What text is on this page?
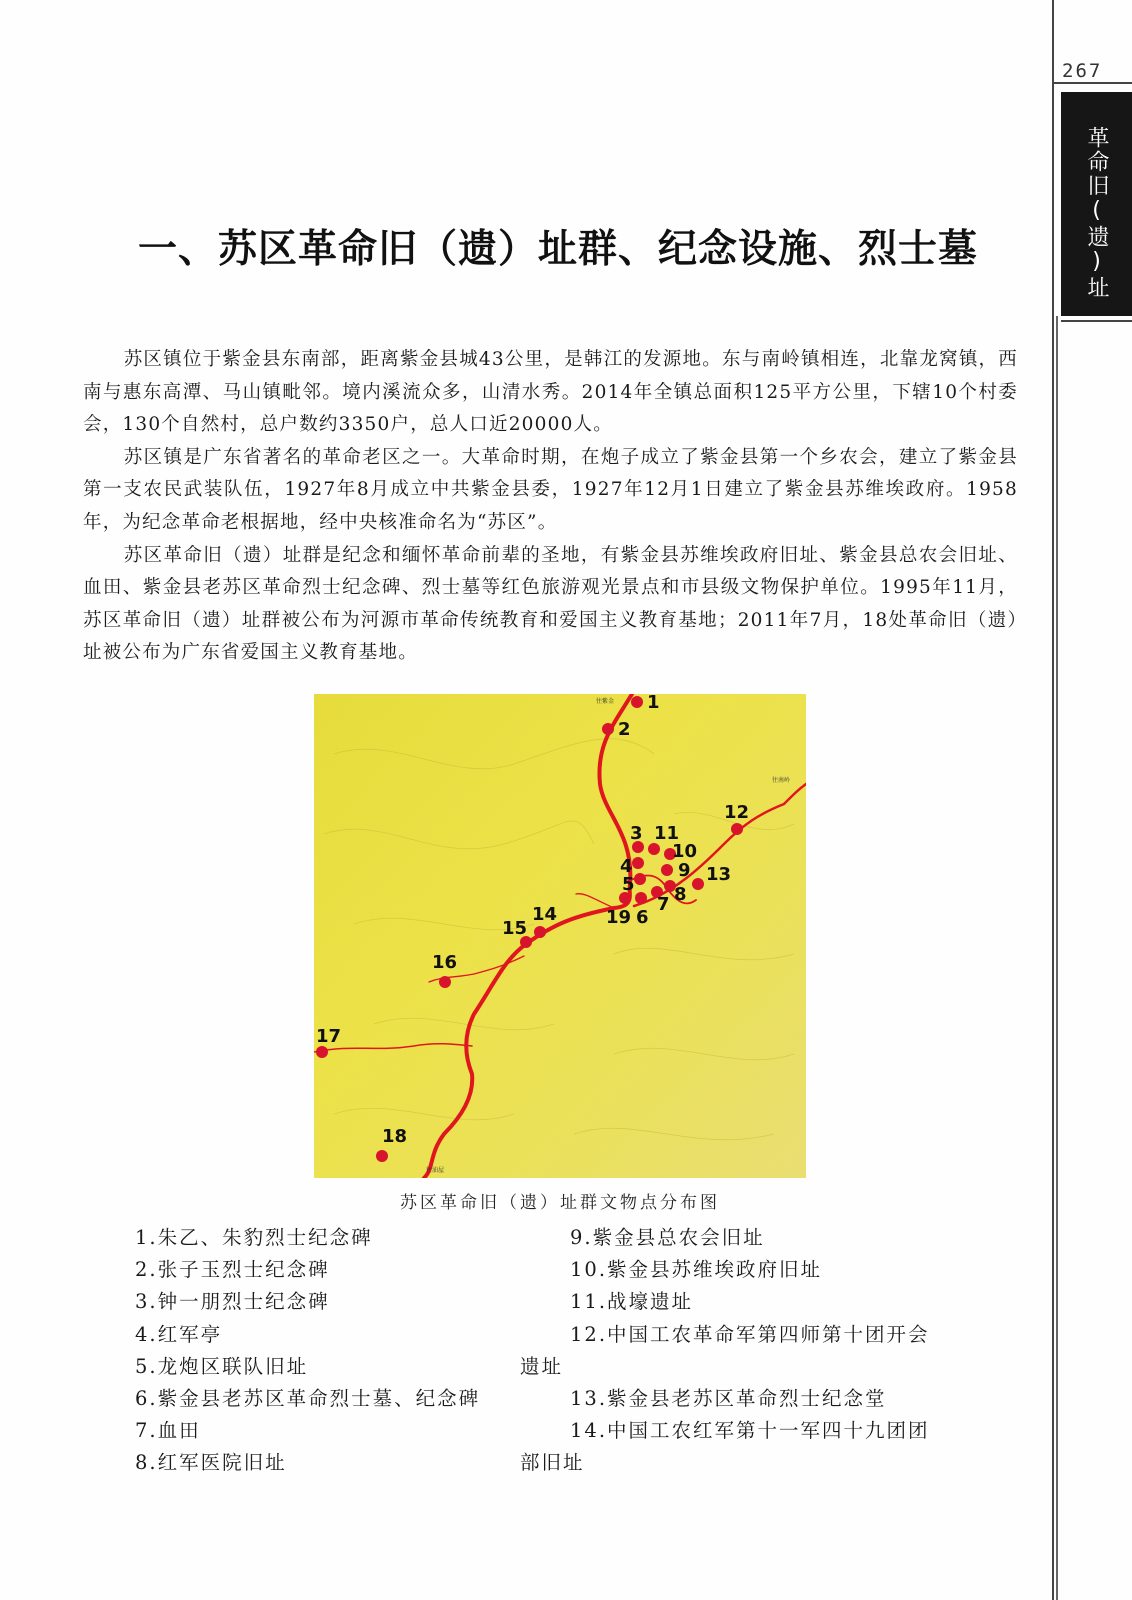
267
革命旧(遗)址
一、苏区革命旧（遗）址群、纪念设施、烈士墓

苏区镇位于紫金县东南部，距离紫金县城43公里，是韩江的发源地。东与南岭镇相连，北靠龙窝镇，西南与惠东高潭、马山镇毗邻。境内溪流众多，山清水秀。2014年全镇总面积125平方公里，下辖10个村委会，130个自然村，总户数约3350户，总人口近20000人。

苏区镇是广东省著名的革命老区之一。大革命时期，在炮子成立了紫金县第一个乡农会，建立了紫金县第一支农民武装队伍，1927年8月成立中共紫金县委，1927年12月1日建立了紫金县苏维埃政府。1958年，为纪念革命老根据地，经中央核准命名为“苏区”。

苏区革命旧（遗）址群是纪念和缅怀革命前辈的圣地，有紫金县苏维埃政府旧址、紫金县总农会旧址、血田、紫金县老苏区革命烈士纪念碑、烈士墓等红色旅游观光景点和市县级文物保护单位。1995年11月，苏区革命旧（遗）址群被公布为河源市革命传统教育和爱国主义教育基地；2011年7月，18处革命旧（遗）址被公布为广东省爱国主义教育基地。

往紫金
往南岭
往油屋
1
2
3
4
5
6
7 8
9
10
11
12
13
14
15
16
17
18
19
苏区革命旧（遗）址群文物点分布图
1.朱乙、朱豹烈士纪念碑
2.张子玉烈士纪念碑
3.钟一朋烈士纪念碑
4.红军亭
5.龙炮区联队旧址
6.紫金县老苏区革命烈士墓、纪念碑
7.血田
8.红军医院旧址
9.紫金县总农会旧址
10.紫金县苏维埃政府旧址
11.战壕遗址
12.中国工农革命军第四师第十团开会
遗址
13.紫金县老苏区革命烈士纪念堂
14.中国工农红军第十一军四十九团团
部旧址
